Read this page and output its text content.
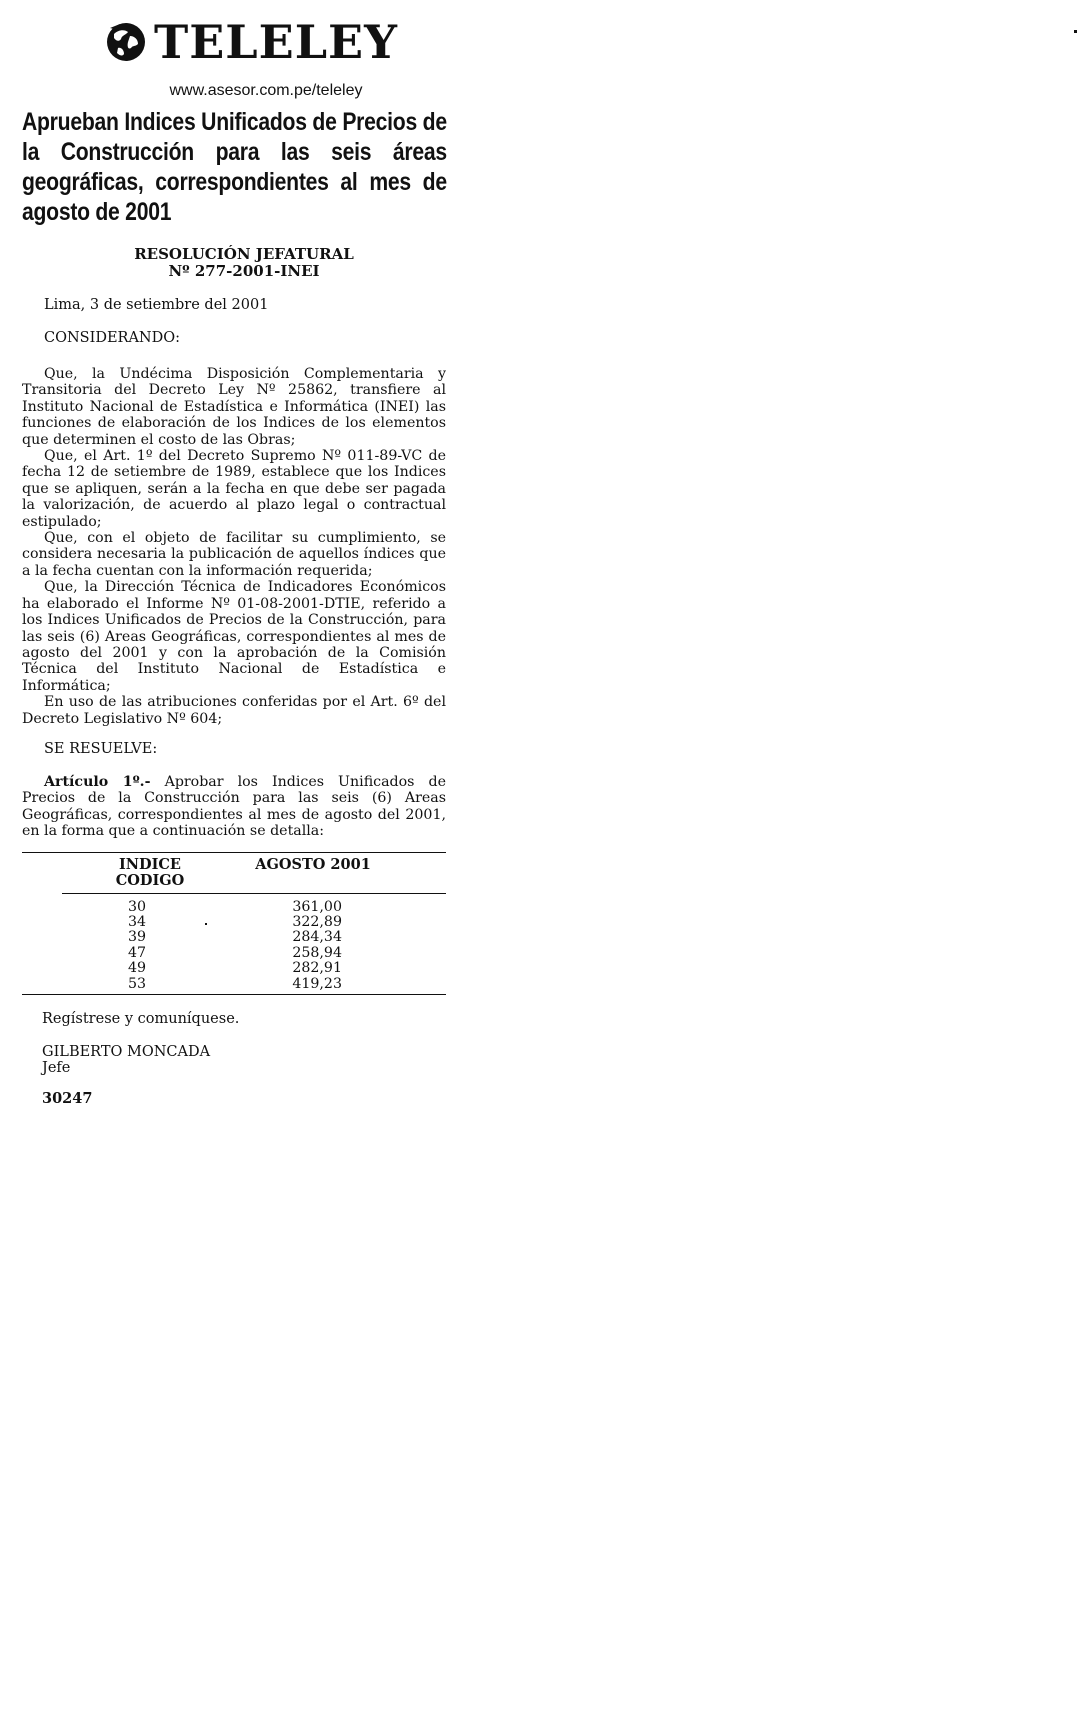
TELELEY
www.asesor.com.pe/teleley
Aprueban Indices Unificados de Precios de la Construcción para las seis áreas geográficas, correspondientes al mes de agosto de 2001
RESOLUCIÓN JEFATURAL
Nº 277-2001-INEI
Lima, 3 de setiembre del 2001
CONSIDERANDO:

Que, la Undécima Disposición Complementaria y Transitoria del Decreto Ley Nº 25862, transfiere al Instituto Nacional de Estadística e Informática (INEI) las funciones de elaboración de los Indices de los elementos que determinen el costo de las Obras;

Que, el Art. 1º del Decreto Supremo Nº 011-89-VC de fecha 12 de setiembre de 1989, establece que los Indices que se apliquen, serán a la fecha en que debe ser pagada la valorización, de acuerdo al plazo legal o contractual estipulado;

Que, con el objeto de facilitar su cumplimiento, se considera necesaria la publicación de aquellos índices que a la fecha cuentan con la información requerida;

Que, la Dirección Técnica de Indicadores Económicos ha elaborado el Informe Nº 01-08-2001-DTIE, referido a los Indices Unificados de Precios de la Construcción, para las seis (6) Areas Geográficas, correspondientes al mes de agosto del 2001 y con la aprobación de la Comisión Técnica del Instituto Nacional de Estadística e Informática;

En uso de las atribuciones conferidas por el Art. 6º del Decreto Legislativo Nº 604;

SE RESUELVE:

Artículo 1º.- Aprobar los Indices Unificados de Precios de la Construcción para las seis (6) Areas Geográficas, correspondientes al mes de agosto del 2001, en la forma que a continuación se detalla:

INDICE
CODIGO
AGOSTO 2001
30	361,00
34	322,89
39	284,34
47	258,94
49	282,91
53	419,23
Regístrese y comuníquese.
GILBERTO MONCADA
Jefe
30247
